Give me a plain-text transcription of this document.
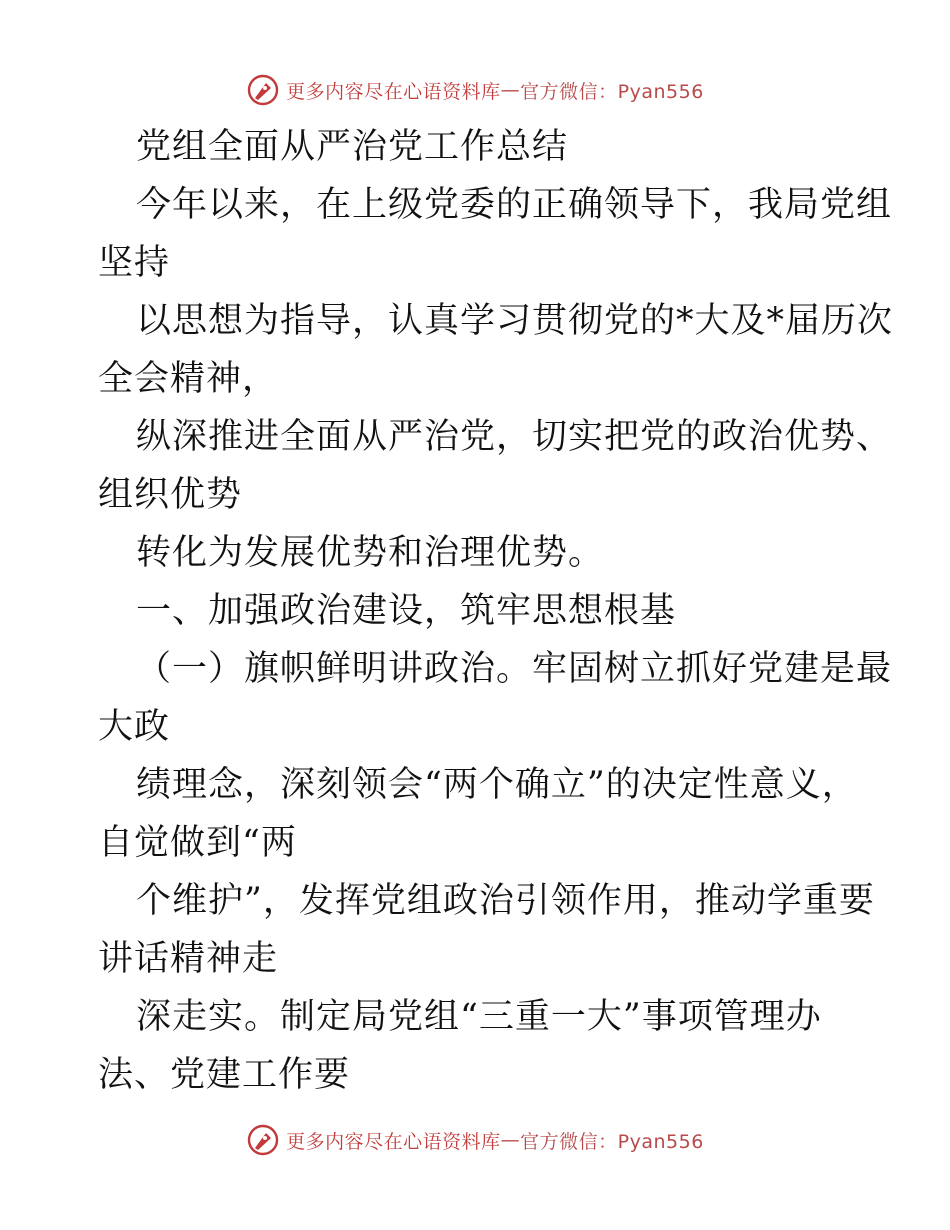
更多内容尽在心语资料库 — 官方微信：Pyan556
党组全面从严治党工作总结
今年以来，在上级党委的正确领导下，我局党组
坚持
以思想为指导，认真学习贯彻党的*大及*届历次
全会精神，
纵深推进全面从严治党，切实把党的政治优势、
组织优势
转化为发展优势和治理优势。
一、加强政治建设，筑牢思想根基
（一）旗帜鲜明讲政治。牢固树立抓好党建是最
大政
绩理念，深刻领会“两个确立”的决定性意义，
自觉做到“两
个维护”，发挥党组政治引领作用，推动学重要
讲话精神走
深走实。制定局党组“三重一大”事项管理办
法、党建工作要
更多内容尽在心语资料库 — 官方微信：Pyan556
